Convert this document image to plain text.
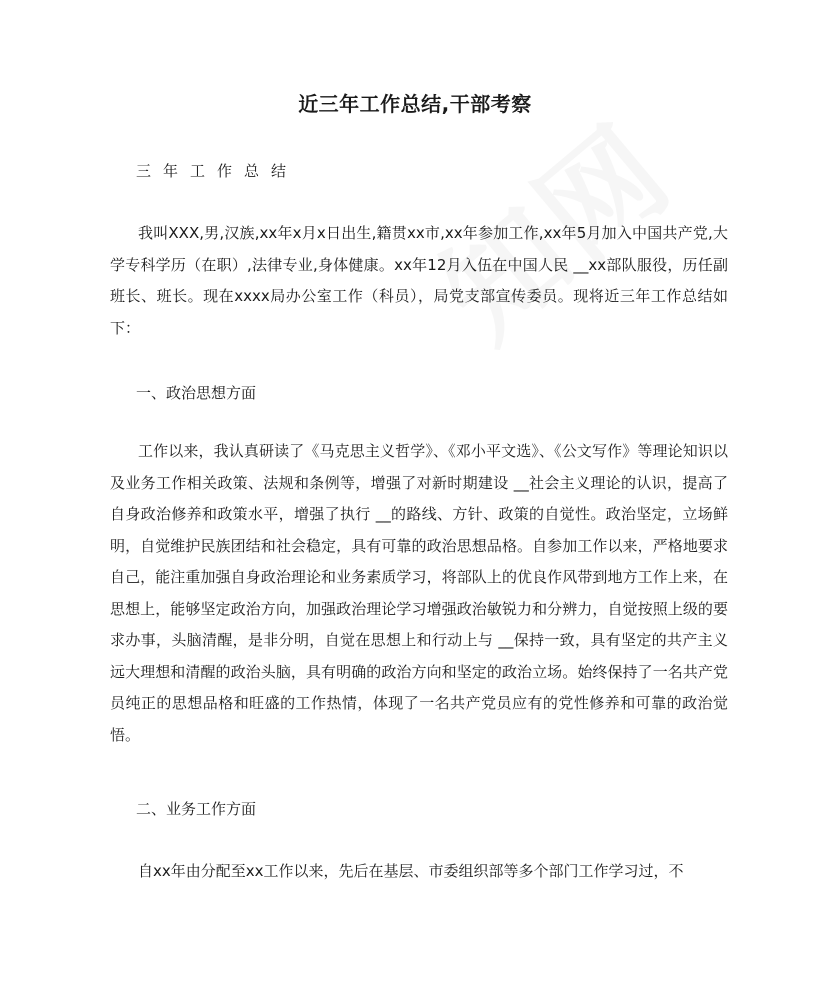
近三年工作总结,干部考察
三年工作总结

我叫XXX,男,汉族,xx年x月x日出生,籍贯xx市,xx年参加工作,xx年5月加入中国共产党,大学专科学历（在职）,法律专业,身体健康。xx年12月入伍在中国人民 __xx部队服役，历任副班长、班长。现在xxxx局办公室工作（科员），局党支部宣传委员。现将近三年工作总结如下：

一、政治思想方面

工作以来，我认真研读了《马克思主义哲学》、《邓小平文选》、《公文写作》等理论知识以及业务工作相关政策、法规和条例等，增强了对新时期建设 __社会主义理论的认识，提高了自身政治修养和政策水平，增强了执行 __的路线、方针、政策的自觉性。政治坚定，立场鲜明，自觉维护民族团结和社会稳定，具有可靠的政治思想品格。自参加工作以来，严格地要求自己，能注重加强自身政治理论和业务素质学习，将部队上的优良作风带到地方工作上来，在思想上，能够坚定政治方向，加强政治理论学习增强政治敏锐力和分辨力，自觉按照上级的要求办事，头脑清醒，是非分明，自觉在思想上和行动上与 __保持一致，具有坚定的共产主义远大理想和清醒的政治头脑，具有明确的政治方向和坚定的政治立场。始终保持了一名共产党员纯正的思想品格和旺盛的工作热情，体现了一名共产党员应有的党性修养和可靠的政治觉悟。

二、业务工作方面

自xx年由分配至xx工作以来，先后在基层、市委组织部等多个部门工作学习过，不
